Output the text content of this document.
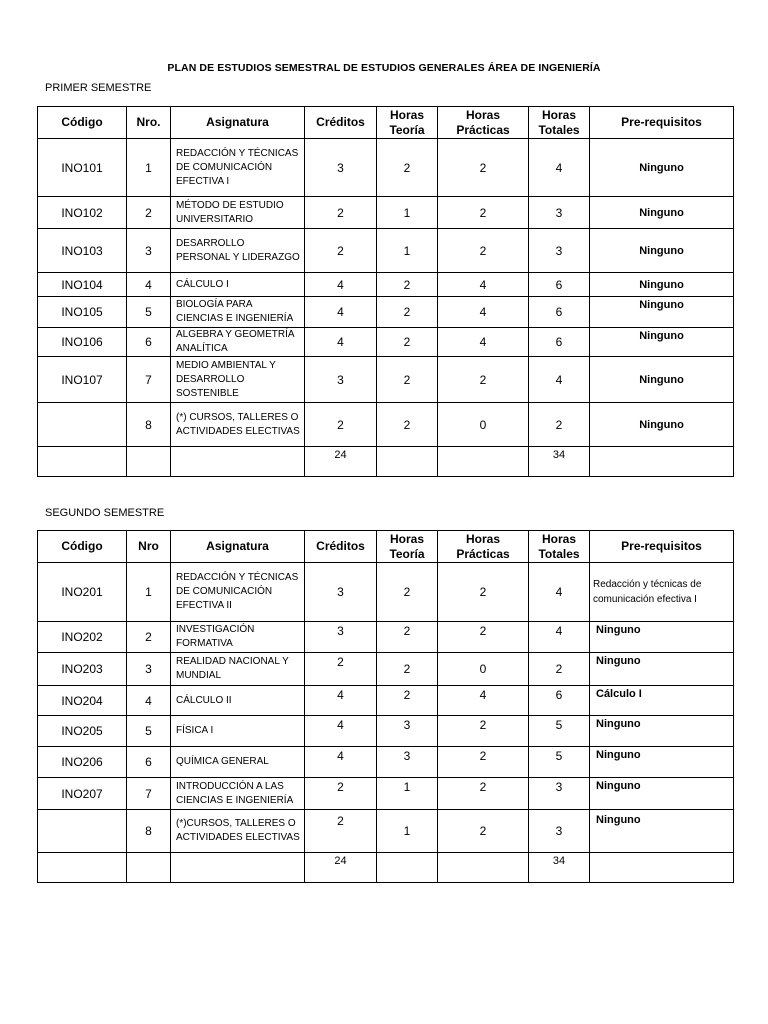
PLAN DE ESTUDIOS SEMESTRAL DE ESTUDIOS GENERALES ÁREA DE INGENIERÍA
PRIMER SEMESTRE
Código	Nro.	Asignatura	Créditos	Horas Teoría	Horas Prácticas	Horas Totales	Pre-requisitos
INO101	1	REDACCIÓN Y TÉCNICAS DE COMUNICACIÓN EFECTIVA I	3	2	2	4	Ninguno
INO102	2	MÉTODO DE ESTUDIO UNIVERSITARIO	2	1	2	3	Ninguno
INO103	3	DESARROLLO PERSONAL Y LIDERAZGO	2	1	2	3	Ninguno
INO104	4	CÁLCULO I	4	2	4	6	Ninguno
INO105	5	BIOLOGÍA PARA CIENCIAS E INGENIERÍA	4	2	4	6	Ninguno
INO106	6	ALGEBRA Y GEOMETRÍA ANALÍTICA	4	2	4	6	Ninguno
INO107	7	MEDIO AMBIENTAL Y DESARROLLO SOSTENIBLE	3	2	2	4	Ninguno
	8	(*) CURSOS, TALLERES O ACTIVIDADES ELECTIVAS	2	2	0	2	Ninguno
			24			34	
SEGUNDO SEMESTRE
Código	Nro	Asignatura	Créditos	Horas Teoría	Horas Prácticas	Horas Totales	Pre-requisitos
INO201	1	REDACCIÓN Y TÉCNICAS DE COMUNICACIÓN EFECTIVA II	3	2	2	4	Redacción y técnicas de comunicación efectiva I
INO202	2	INVESTIGACIÓN FORMATIVA	3	2	2	4	Ninguno
INO203	3	REALIDAD NACIONAL Y MUNDIAL	2	2	0	2	Ninguno
INO204	4	CÁLCULO II	4	2	4	6	Cálculo I
INO205	5	FÍSICA I	4	3	2	5	Ninguno
INO206	6	QUÍMICA GENERAL	4	3	2	5	Ninguno
INO207	7	INTRODUCCIÓN A LAS CIENCIAS E INGENIERÍA	2	1	2	3	Ninguno
	8	(*)CURSOS, TALLERES O ACTIVIDADES ELECTIVAS	2	1	2	3	Ninguno
			24			34	
